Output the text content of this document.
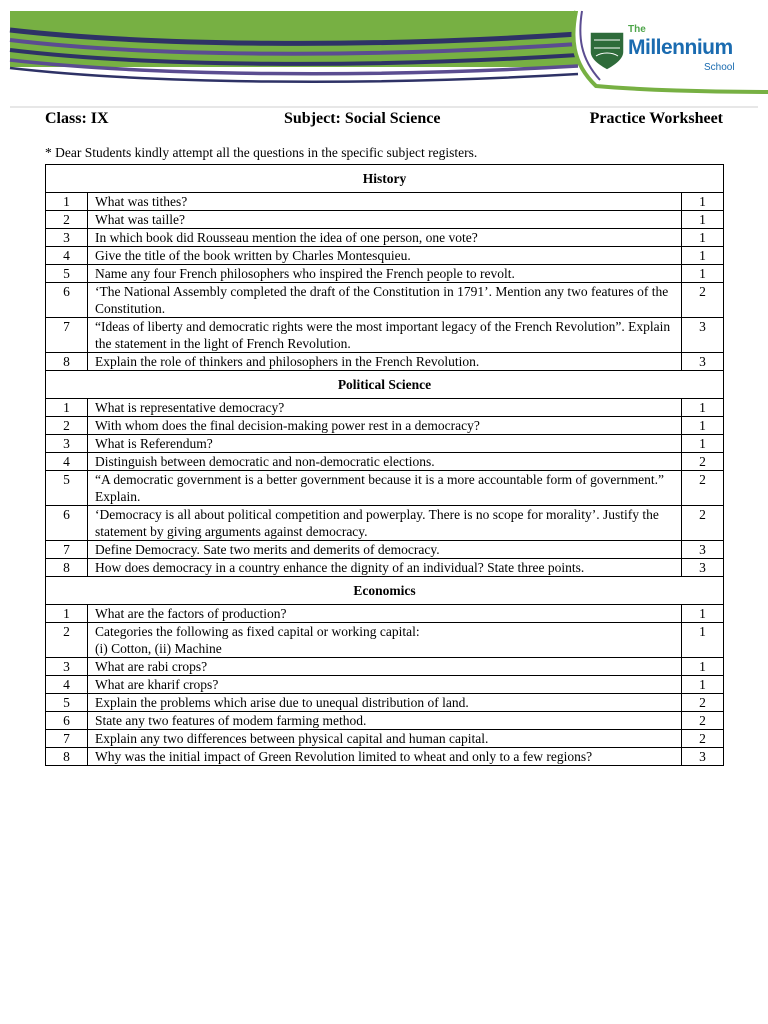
The
Millennium
School
Class: IX	Subject: Social Science	Practice Worksheet
* Dear Students kindly attempt all the questions in the specific subject registers.
History		
1	What was tithes?	1
2	What was taille?	1
3	In which book did Rousseau mention the idea of one person, one vote?	1
4	Give the title of the book written by Charles Montesquieu.	1
5	Name any four French philosophers who inspired the French people to revolt.	1
6	‘The National Assembly completed the draft of the Constitution in 1791’. Mention any two features of the Constitution.	2
7	“Ideas of liberty and democratic rights were the most important legacy of the French Revolution”. Explain the statement in the light of French Revolution.	3
8	Explain the role of thinkers and philosophers in the French Revolution.	3
Political Science		
1	What is representative democracy?	1
2	With whom does the final decision-making power rest in a democracy?	1
3	What is Referendum?	1
4	Distinguish between democratic and non-democratic elections.	2
5	“A democratic government is a better government because it is a more accountable form of government.” Explain.	2
6	‘Democracy is all about political competition and powerplay. There is no scope for morality’. Justify the statement by giving arguments against democracy.	2
7	Define Democracy. Sate two merits and demerits of democracy.	3
8	How does democracy in a country enhance the dignity of an individual? State three points.	3
Economics		
1	What are the factors of production?	1
2	Categories the following as fixed capital or working capital:
(i) Cotton, (ii) Machine	1
3	What are rabi crops?	1
4	What are kharif crops?	1
5	Explain the problems which arise due to unequal distribution of land.	2
6	State any two features of modem farming method.	2
7	Explain any two differences between physical capital and human capital.	2
8	Why was the initial impact of Green Revolution limited to wheat and only to a few regions?	3
